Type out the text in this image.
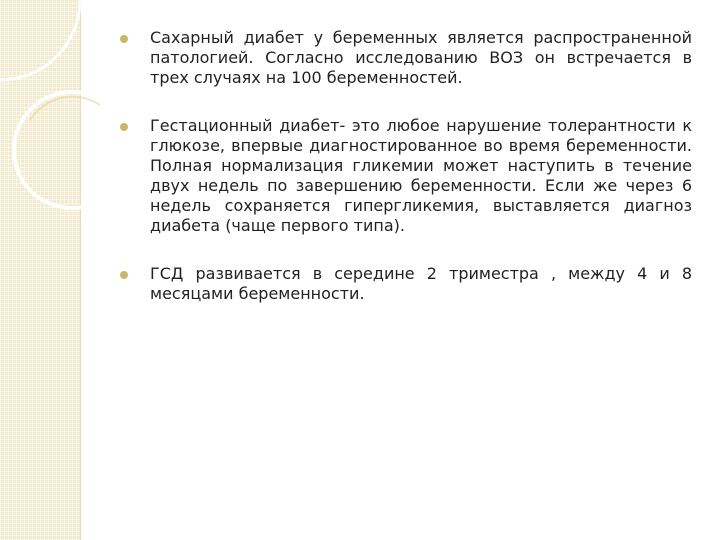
Сахарный диабет у беременных является распространенной патологией. Согласно исследованию ВОЗ он встречается в трех случаях на 100 беременностей.

Гестационный диабет- это любое нарушение толерантности к глюкозе, впервые диагностированное во время беременности. Полная нормализация гликемии может наступить в течение двух недель по завершению беременности. Если же через 6 недель сохраняется гипергликемия, выставляется диагноз диабета (чаще первого типа).

ГСД развивается в середине 2 триместра , между 4 и 8 месяцами беременности.
